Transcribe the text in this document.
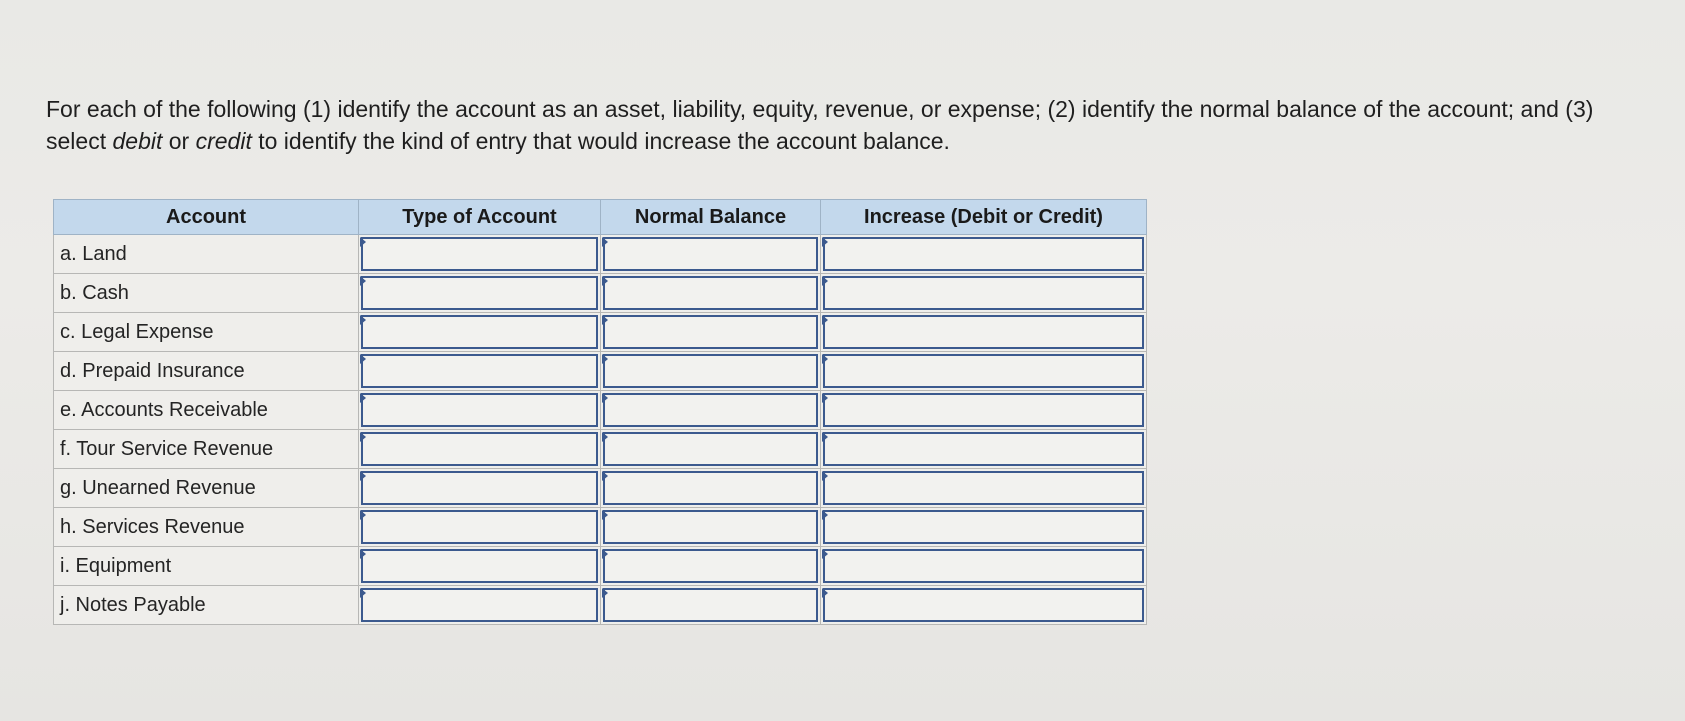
For each of the following (1) identify the account as an asset, liability, equity, revenue, or expense; (2) identify the normal balance of the account; and (3) select debit or credit to identify the kind of entry that would increase the account balance.
Account	Type of Account	Normal Balance	Increase (Debit or Credit)
a. Land	

b. Cash	

c. Legal Expense	

d. Prepaid Insurance	

e. Accounts Receivable	

f. Tour Service Revenue	

g. Unearned Revenue	

h. Services Revenue	

i. Equipment	

j. Notes Payable	
